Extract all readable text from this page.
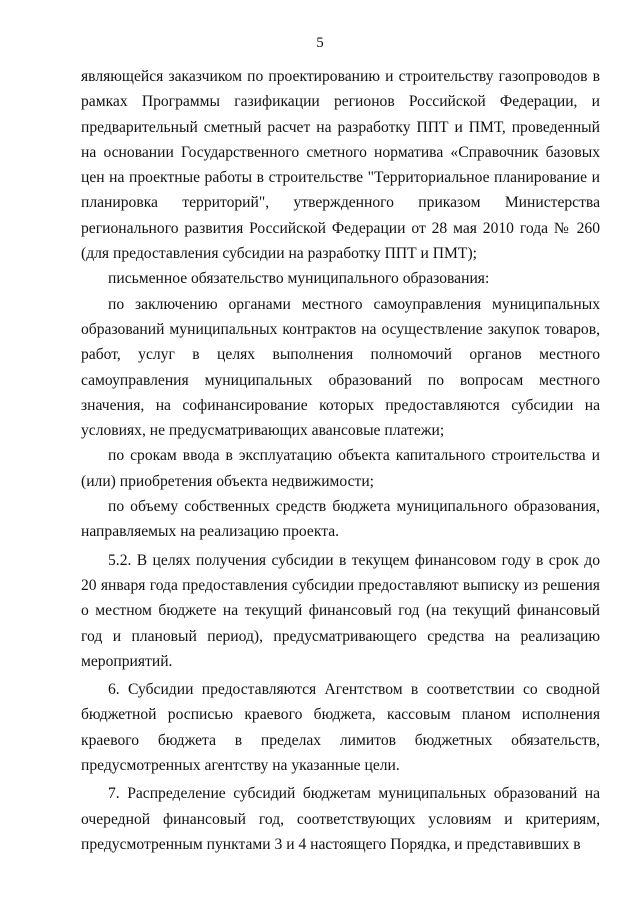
5

являющейся заказчиком по проектированию и строительству газопроводов в рамках Программы газификации регионов Российской Федерации, и предварительный сметный расчет на разработку ППТ и ПМТ, проведенный на основании Государственного сметного норматива «Справочник базовых цен на проектные работы в строительстве "Территориальное планирование и планировка территорий", утвержденного приказом Министерства регионального развития Российской Федерации от 28 мая 2010 года № 260 (для предоставления субсидии на разработку ППТ и ПМТ);

письменное обязательство муниципального образования:

по заключению органами местного самоуправления муниципальных образований муниципальных контрактов на осуществление закупок товаров, работ, услуг в целях выполнения полномочий органов местного самоуправления муниципальных образований по вопросам местного значения, на софинансирование которых предоставляются субсидии на условиях, не предусматривающих авансовые платежи;

по срокам ввода в эксплуатацию объекта капитального строительства и (или) приобретения объекта недвижимости;

по объему собственных средств бюджета муниципального образования, направляемых на реализацию проекта.

5.2. В целях получения субсидии в текущем финансовом году в срок до 20 января года предоставления субсидии предоставляют выписку из решения о местном бюджете на текущий финансовый год (на текущий финансовый год и плановый период), предусматривающего средства на реализацию мероприятий.

6. Субсидии предоставляются Агентством в соответствии со сводной бюджетной росписью краевого бюджета, кассовым планом исполнения краевого бюджета в пределах лимитов бюджетных обязательств, предусмотренных агентству на указанные цели.

7. Распределение субсидий бюджетам муниципальных образований на очередной финансовый год, соответствующих условиям и критериям, предусмотренным пунктами 3 и 4 настоящего Порядка, и представивших в
